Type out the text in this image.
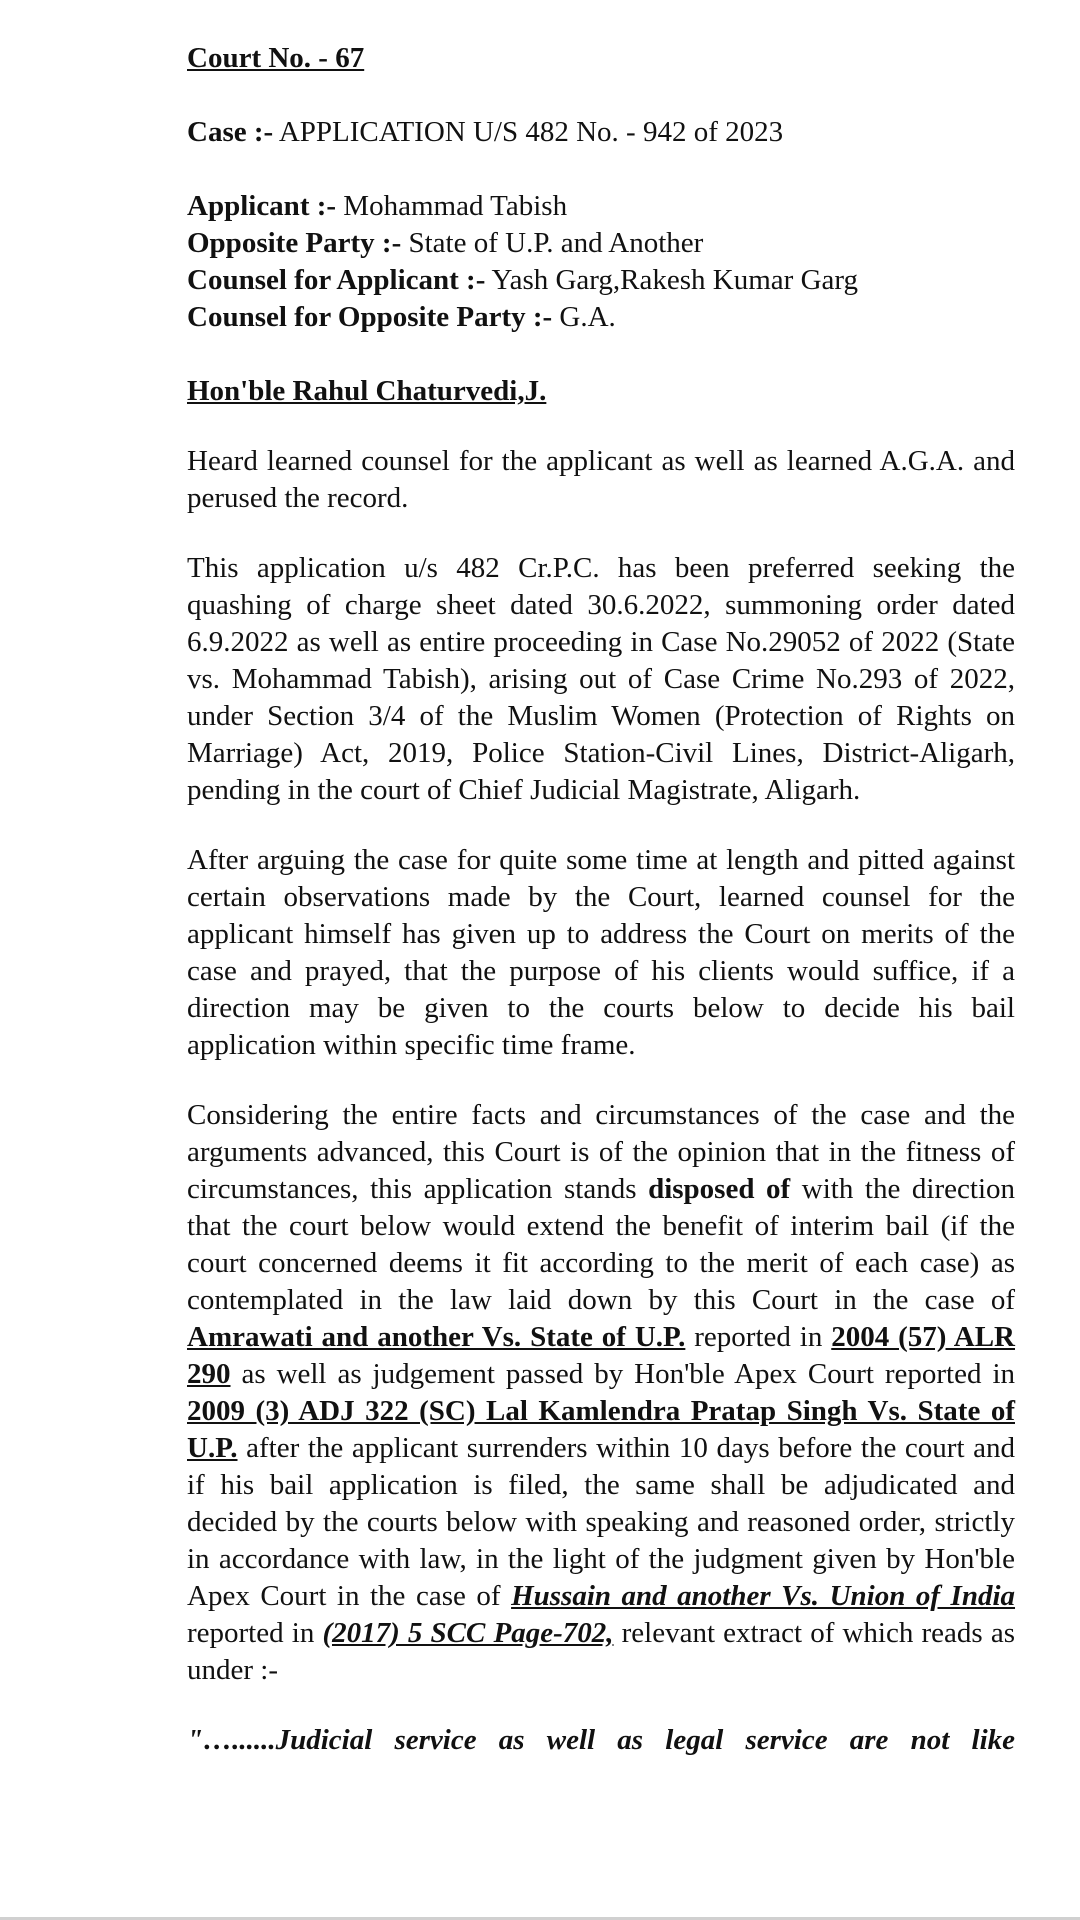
Court No. - 67
Case :- APPLICATION U/S 482 No. - 942 of 2023
Applicant :- Mohammad Tabish
Opposite Party :- State of U.P. and Another
Counsel for Applicant :- Yash Garg,Rakesh Kumar Garg
Counsel for Opposite Party :- G.A.
Hon'ble Rahul Chaturvedi,J.

Heard learned counsel for the applicant as well as learned A.G.A. and perused the record.

This application u/s 482 Cr.P.C. has been preferred seeking the quashing of charge sheet dated 30.6.2022, summoning order dated 6.9.2022 as well as entire proceeding in Case No.29052 of 2022 (State vs. Mohammad Tabish), arising out of Case Crime No.293 of 2022, under Section 3/4 of the Muslim Women (Protection of Rights on Marriage) Act, 2019, Police Station-Civil Lines, District-Aligarh, pending in the court of Chief Judicial Magistrate, Aligarh.

After arguing the case for quite some time at length and pitted against certain observations made by the Court, learned counsel for the applicant himself has given up to address the Court on merits of the case and prayed, that the purpose of his clients would suffice, if a direction may be given to the courts below to decide his bail application within specific time frame.

Considering the entire facts and circumstances of the case and the arguments advanced, this Court is of the opinion that in the fitness of circumstances, this application stands disposed of with the direction that the court below would extend the benefit of interim bail (if the court concerned deems it fit according to the merit of each case) as contemplated in the law laid down by this Court in the case of Amrawati and another Vs. State of U.P. reported in 2004 (57) ALR 290 as well as judgement passed by Hon'ble Apex Court reported in 2009 (3) ADJ 322 (SC) Lal Kamlendra Pratap Singh Vs. State of U.P. after the applicant surrenders within 10 days before the court and if his bail application is filed, the same shall be adjudicated and decided by the courts below with speaking and reasoned order, strictly in accordance with law, in the light of the judgment given by Hon'ble Apex Court in the case of Hussain and another Vs. Union of India reported in (2017) 5 SCC Page-702, relevant extract of which reads as under :-

"…......Judicial service as well as legal service are not like
